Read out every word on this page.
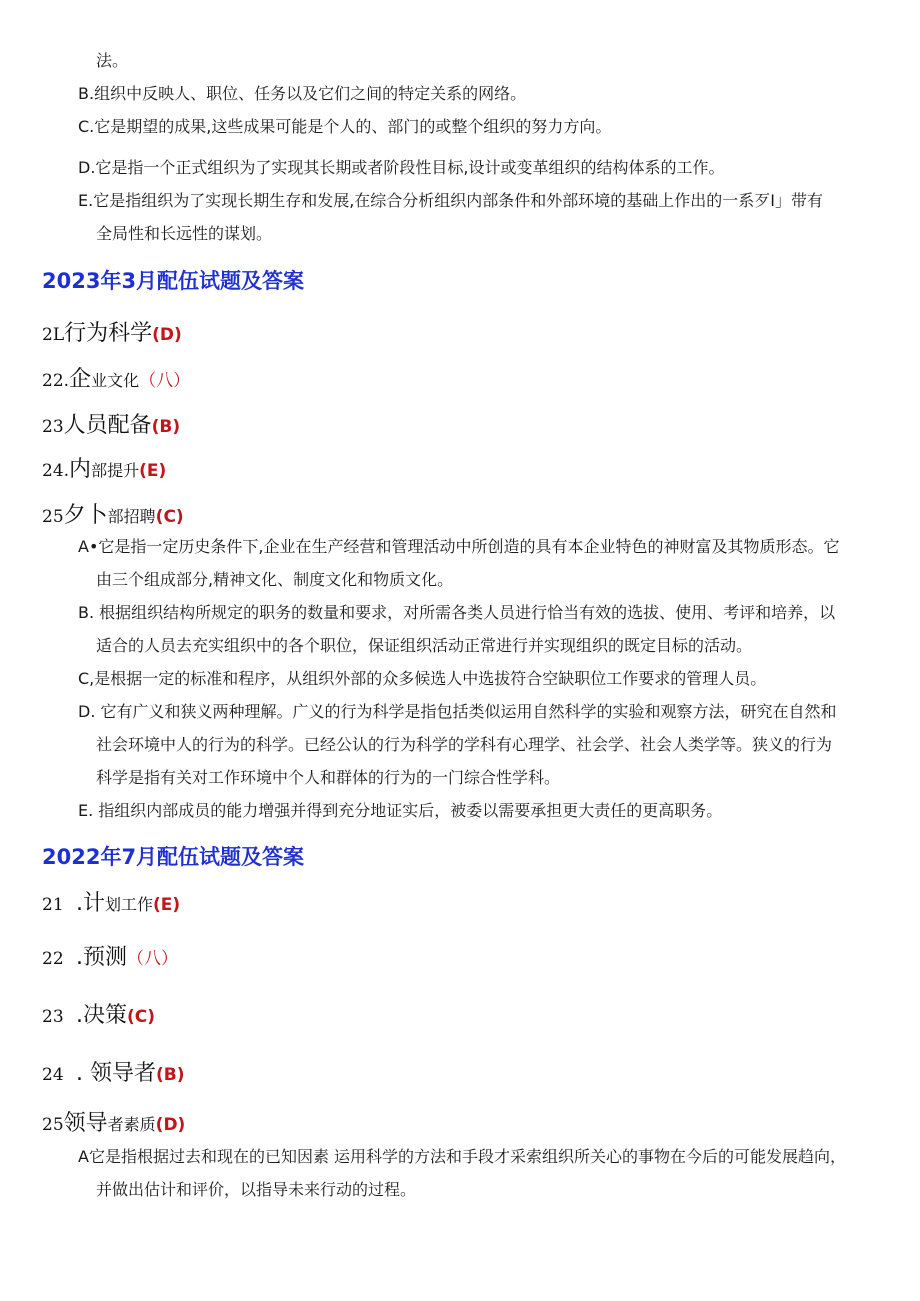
法。
B.组织中反映人、职位、任务以及它们之间的特定关系的网络。
C.它是期望的成果,这些成果可能是个人的、部门的或整个组织的努力方向。
D.它是指一个正式组织为了实现其长期或者阶段性目标,设计或变革组织的结构体系的工作。
E.它是指组织为了实现长期生存和发展,在综合分析组织内部条件和外部环境的基础上作出的一系歹I」带有
全局性和长远性的谋划。
2023年3月配伍试题及答案
2L行为科学(D)
22.企业文化（八）
23人员配备(B)
24.内部提升(E)
25夕卜部招聘(C)
A•它是指一定历史条件下,企业在生产经营和管理活动中所创造的具有本企业特色的神财富及其物质形态。它
由三个组成部分,精神文化、制度文化和物质文化。
B. 根据组织结构所规定的职务的数量和要求，对所需各类人员进行恰当有效的选拔、使用、考评和培养，以
适合的人员去充实组织中的各个职位，保证组织活动正常进行并实现组织的既定目标的活动。
C,是根据一定的标准和程序，从组织外部的众多候选人中选拔符合空缺职位工作要求的管理人员。
D. 它有广义和狭义两种理解。广义的行为科学是指包括类似运用自然科学的实验和观察方法，研究在自然和
社会环境中人的行为的科学。已经公认的行为科学的学科有心理学、社会学、社会人类学等。狭义的行为
科学是指有关对工作环境中个人和群体的行为的一门综合性学科。
E. 指组织内部成员的能力增强并得到充分地证实后，被委以需要承担更大责任的更高职务。
2022年7月配伍试题及答案
21 .计划工作(E)
22 .预测（八）
23 .决策(C)
24 . 领导者(B)
25领导者素质(D)
A它是指根据过去和现在的已知因素 运用科学的方法和手段才采索组织所关心的事物在今后的可能发展趋向，
并做出估计和评价，以指导未来行动的过程。
